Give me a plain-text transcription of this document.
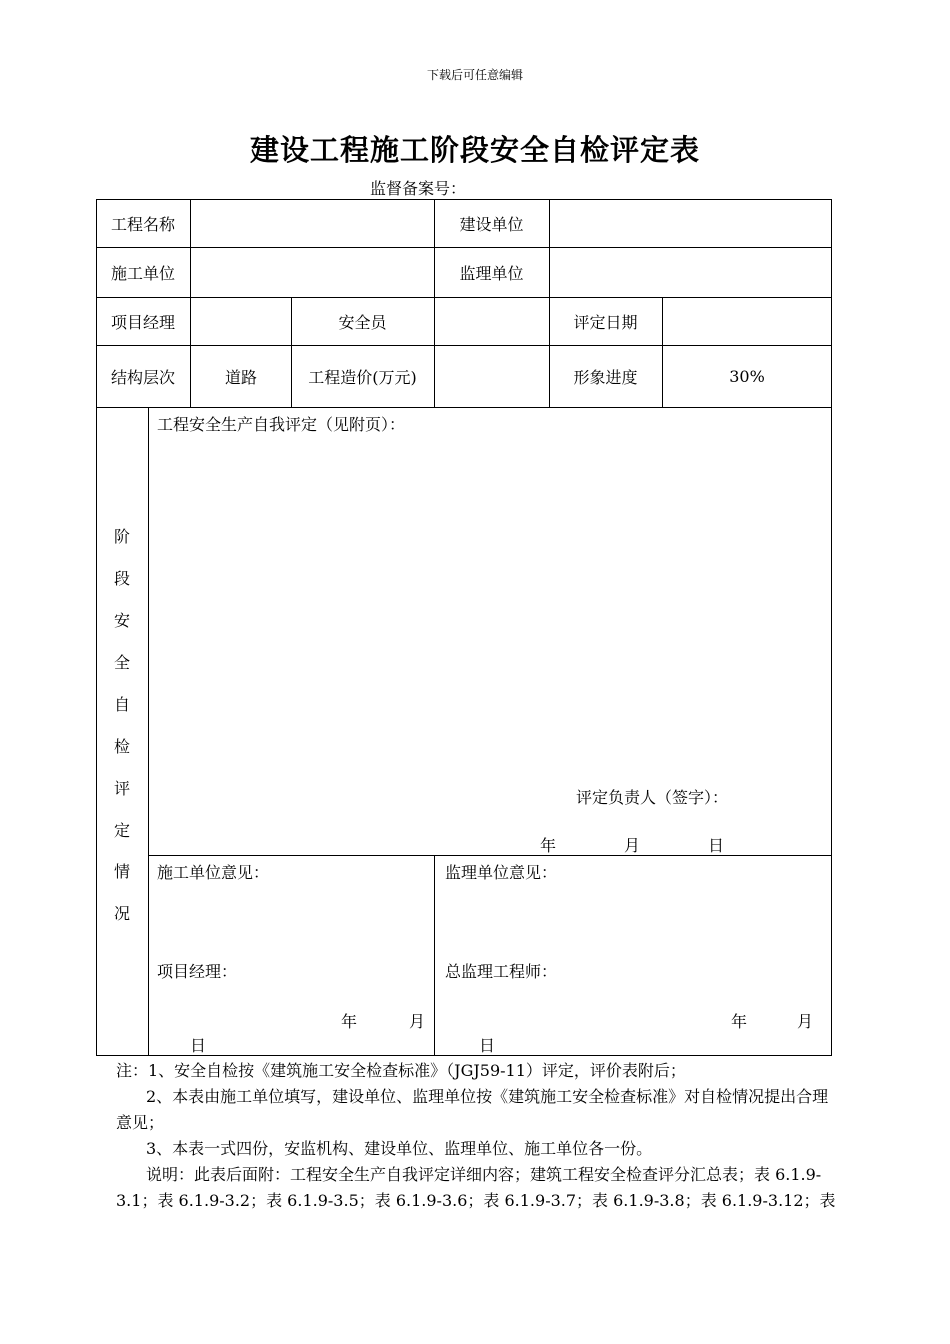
下载后可任意编辑
建设工程施工阶段安全自检评定表
监督备案号：
工程名称	建设单位
施工单位	监理单位
项目经理	安全员	评定日期
结构层次	道路	工程造价(万元)	形象进度	30%
阶
段
安
全
自
检
评
定
情
况
工程安全生产自我评定（见附页）：
评定负责人（签字）：
年	月	日
施工单位意见：	监理单位意见：
项目经理：	总监理工程师：
年	月
日
年	月
日

注：1、安全自检按《建筑施工安全检查标准》（JGJ59-11）评定，评价表附后；

2、本表由施工单位填写，建设单位、监理单位按《建筑施工安全检查标准》对自检情况提出合理意见；

3、本表一式四份，安监机构、建设单位、监理单位、施工单位各一份。

说明：此表后面附：工程安全生产自我评定详细内容；建筑工程安全检查评分汇总表；表 6.1.9-3.1；表 6.1.9-3.2；表 6.1.9-3.5；表 6.1.9-3.6；表 6.1.9-3.7；表 6.1.9-3.8；表 6.1.9-3.12；表
